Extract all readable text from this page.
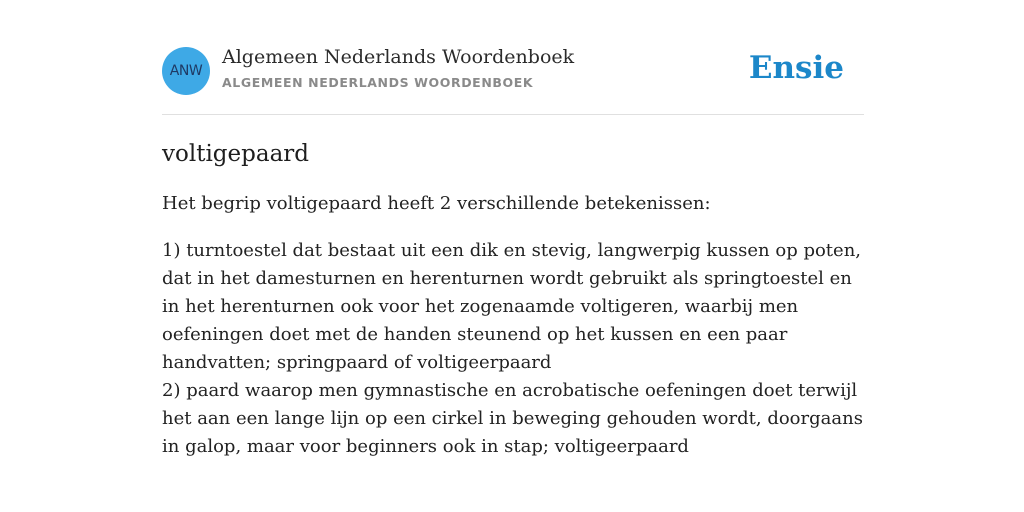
ANW
Algemeen Nederlands Woordenboek
ALGEMEEN NEDERLANDS WOORDENBOEK	Ensie
voltigepaard

Het begrip voltigepaard heeft 2 verschillende betekenissen:

1) turntoestel dat bestaat uit een dik en stevig, langwerpig kussen op poten, dat in het damesturnen en herenturnen wordt gebruikt als springtoestel en in het herenturnen ook voor het zogenaamde voltigeren, waarbij men oefeningen doet met de handen steunend op het kussen en een paar handvatten; springpaard of voltigeerpaard

2) paard waarop men gymnastische en acrobatische oefeningen doet terwijl het aan een lange lijn op een cirkel in beweging gehouden wordt, doorgaans in galop, maar voor beginners ook in stap; voltigeerpaard
